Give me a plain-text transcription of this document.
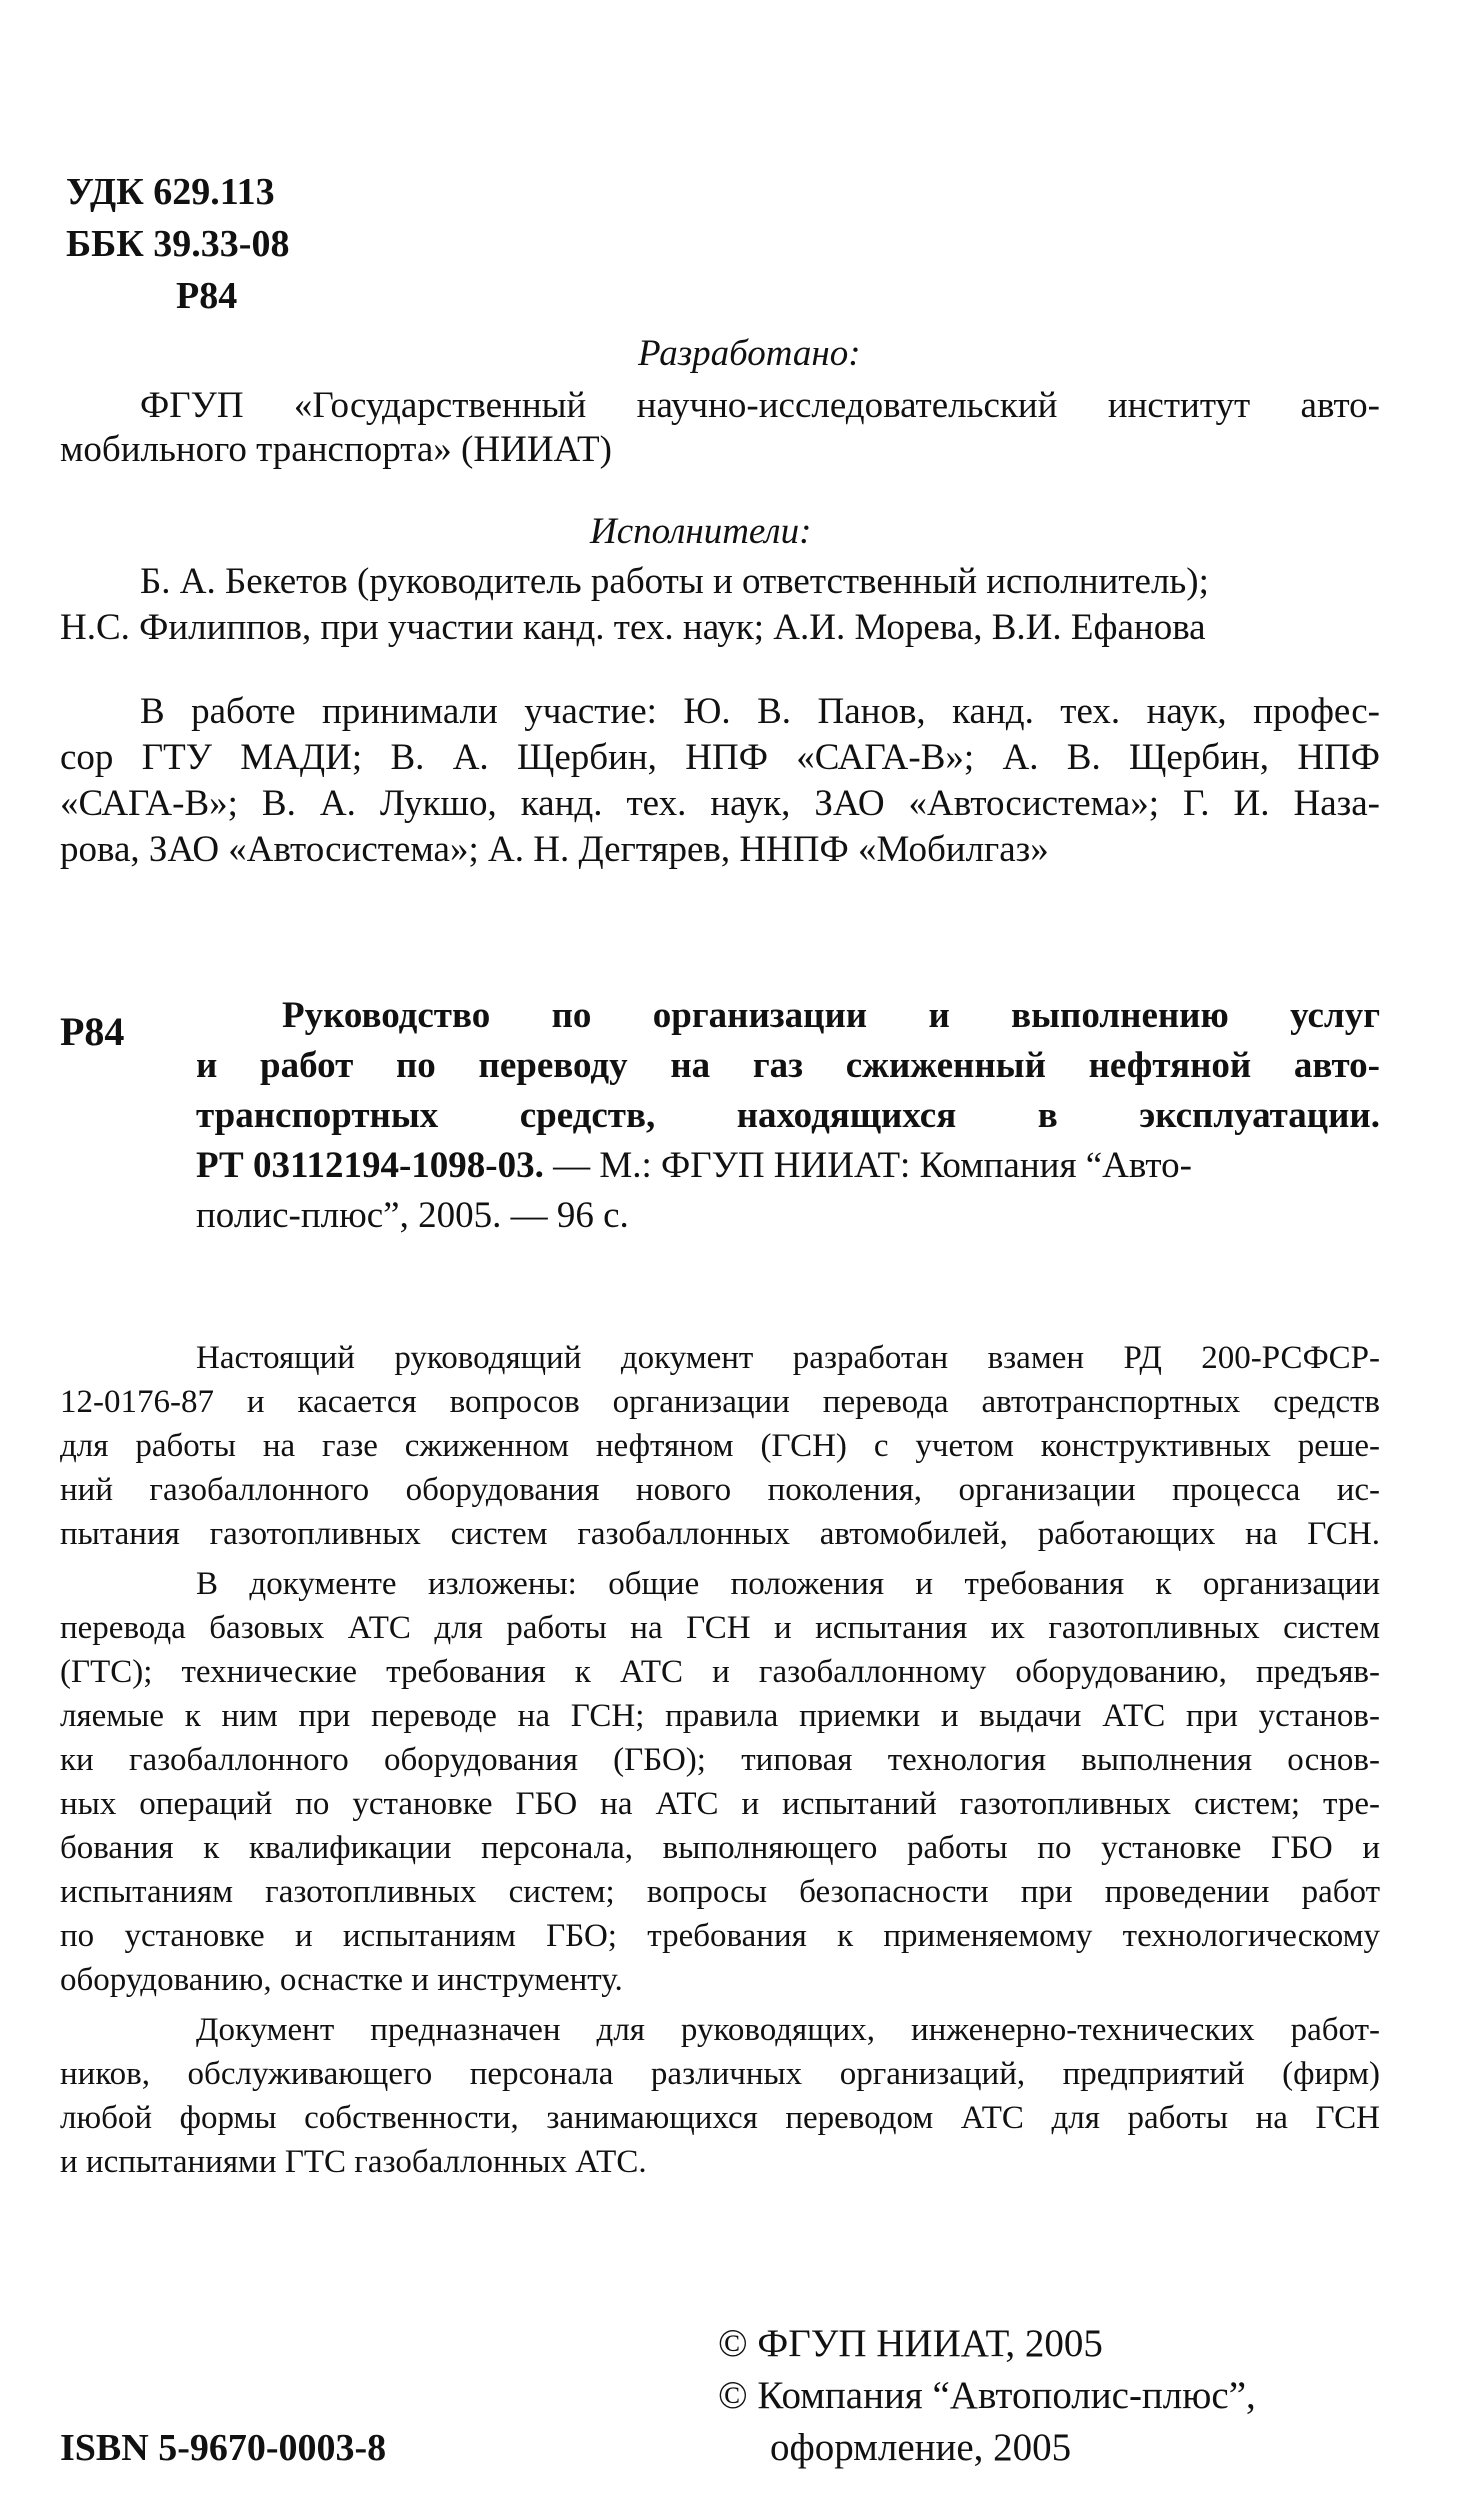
УДК 629.113
ББК 39.33-08
Р84
Разработано:
ФГУП «Государственный научно-исследовательский институт авто-
мобильного транспорта» (НИИАТ)
Исполнители:
Б. А. Бекетов (руководитель работы и ответственный исполнитель);
Н.С. Филиппов, при участии канд. тех. наук; А.И. Морева, В.И. Ефанова
В работе принимали участие: Ю. В. Панов, канд. тех. наук, профес-
сор ГТУ МАДИ; В. А. Щербин, НПФ «САГА-В»; А. В. Щербин, НПФ
«САГА-В»; В. А. Лукшо, канд. тех. наук, ЗАО «Автосистема»; Г. И. Наза-
рова, ЗАО «Автосистема»; А. Н. Дегтярев, ННПФ «Мобилгаз»
Р84	Руководство по организации и выполнению услуг
и работ по переводу на газ сжиженный нефтяной авто-
транспортных средств, находящихся в эксплуатации.
РТ 03112194-1098-03. — М.: ФГУП НИИАТ: Компания “Авто-
полис-плюс”, 2005. — 96 с.
Настоящий руководящий документ разработан взамен РД 200-РСФСР-
12-0176-87 и касается вопросов организации перевода автотранспортных средств
для работы на газе сжиженном нефтяном (ГСН) с учетом конструктивных реше-
ний газобаллонного оборудования нового поколения, организации процесса ис-
пытания газотопливных систем газобаллонных автомобилей, работающих на ГСН.
В документе изложены: общие положения и требования к организации
перевода базовых АТС для работы на ГСН и испытания их газотопливных систем
(ГТС); технические требования к АТС и газобаллонному оборудованию, предъяв-
ляемые к ним при переводе на ГСН; правила приемки и выдачи АТС при установ-
ки газобаллонного оборудования (ГБО); типовая технология выполнения основ-
ных операций по установке ГБО на АТС и испытаний газотопливных систем; тре-
бования к квалификации персонала, выполняющего работы по установке ГБО и
испытаниям газотопливных систем; вопросы безопасности при проведении работ
по установке и испытаниям ГБО; требования к применяемому технологическому
оборудованию, оснастке и инструменту.
Документ предназначен для руководящих, инженерно-технических работ-
ников, обслуживающего персонала различных организаций, предприятий (фирм)
любой формы собственности, занимающихся переводом АТС для работы на ГСН
и испытаниями ГТС газобаллонных АТС.
© ФГУП НИИАТ, 2005
© Компания “Автополис-плюс”,
оформление, 2005
ISBN 5-9670-0003-8
